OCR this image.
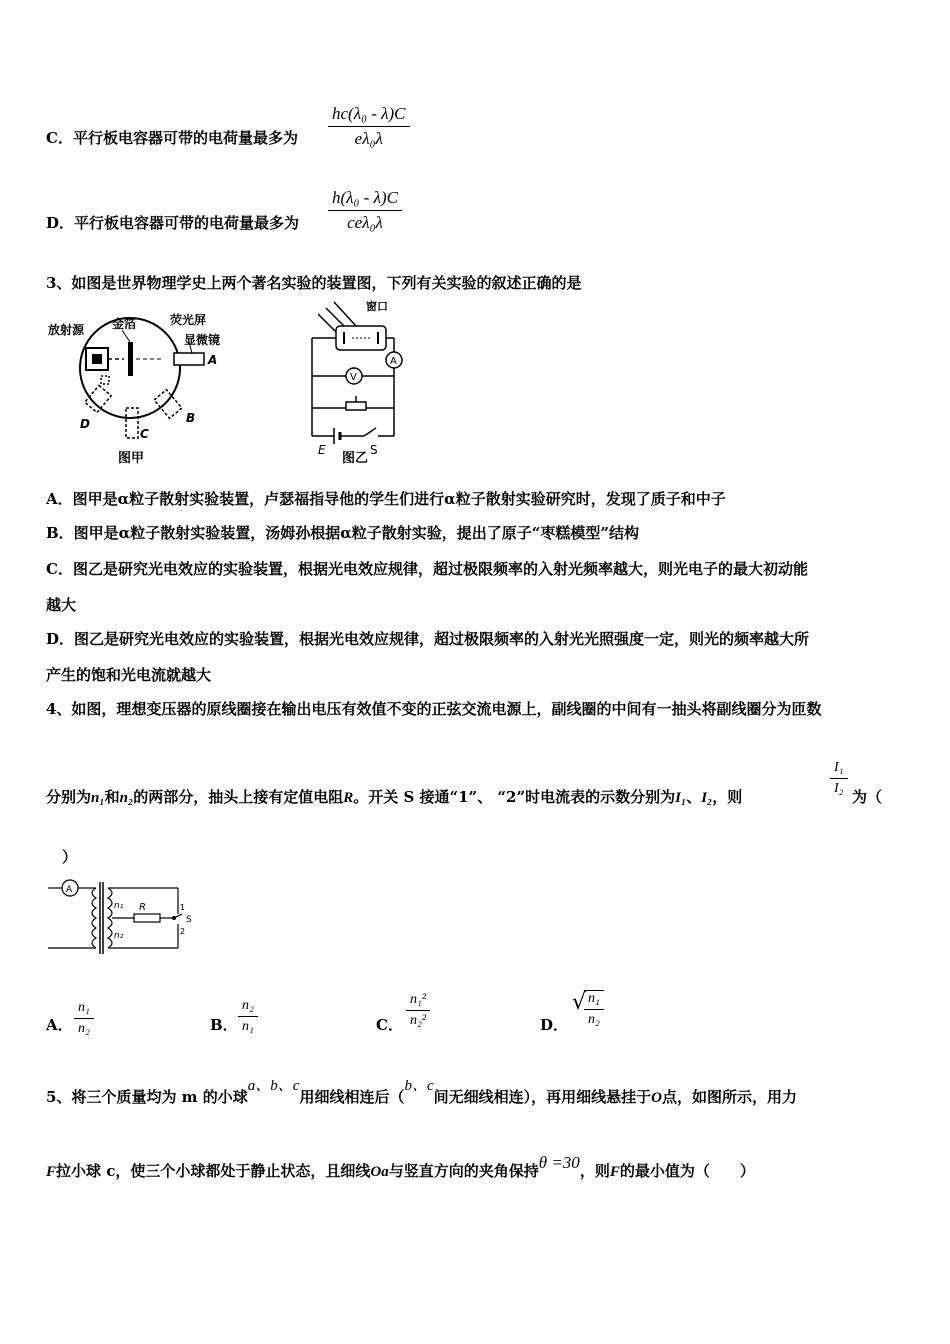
C．平行板电容器可带的电荷量最多为
hc(λ₀ - λ)C
eλ₀λ
D．平行板电容器可带的电荷量最多为
h(λ₀ - λ)C
ceλ₀λ
3、如图是世界物理学史上两个著名实验的装置图，下列有关实验的叙述正确的是
放射源 金箔	荧光屏
显微镜
A
B
C
D
图甲
A
V
窗口
E	S
图乙
A．图甲是α粒子散射实验装置，卢瑟福指导他的学生们进行α粒子散射实验研究时，发现了质子和中子
B．图甲是α粒子散射实验装置，汤姆孙根据α粒子散射实验，提出了原子“枣糕模型”结构
C．图乙是研究光电效应的实验装置，根据光电效应规律，超过极限频率的入射光频率越大，则光电子的最大初动能
越大
D．图乙是研究光电效应的实验装置，根据光电效应规律，超过极限频率的入射光光照强度一定，则光的频率越大所
产生的饱和光电流就越大
4、如图，理想变压器的原线圈接在输出电压有效值不变的正弦交流电源上，副线圈的中间有一抽头将副线圈分为匝数
分别为n₁和n₂的两部分，抽头上接有定值电阻R。开关 S 接通“1”、 “2”时电流表的示数分别为I₁、I₂，则
I₁
I₂ 为（
）
A
n₁
n₂
R
S
1
2
A．
n₁
n₂	B．
n₂
n₁	C．
n₁²
n₂²	D．
√ n₁
n₂
5、将三个质量均为 m 的小球a、b、c用细线相连后（b、c间无细线相连），再用细线悬挂于O点，如图所示，用力
F拉小球 c，使三个小球都处于静止状态，且细线Oa与竖直方向的夹角保持θ =30，则F的最小值为（　　）
